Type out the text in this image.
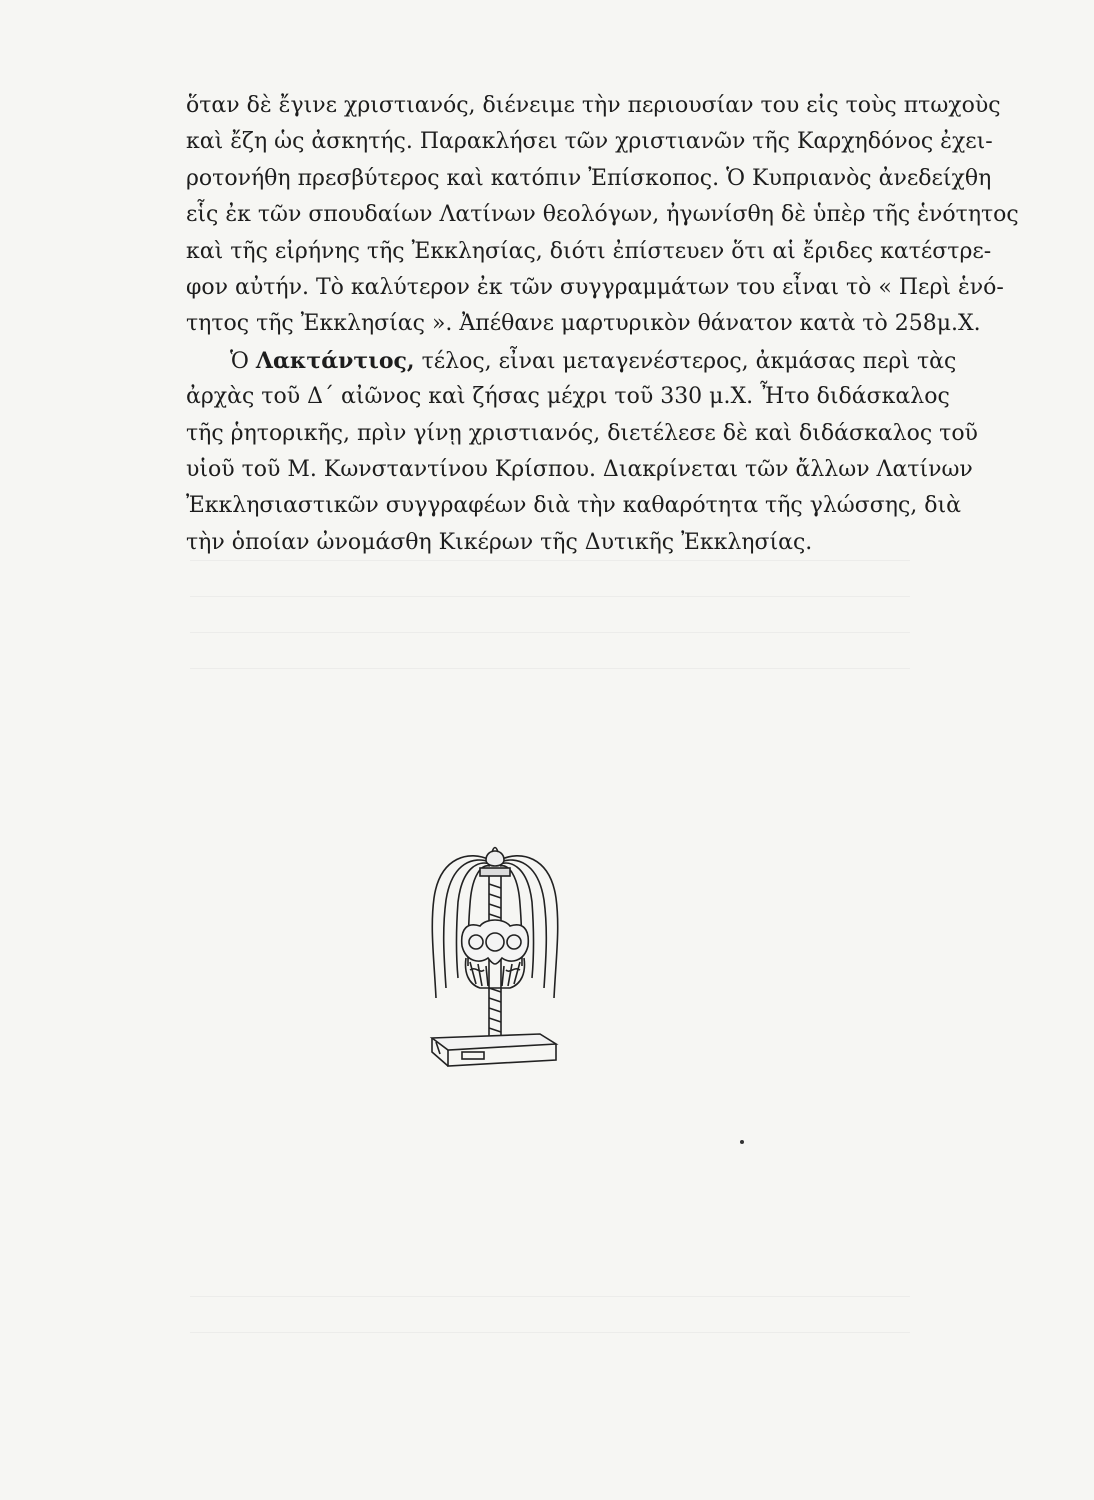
ὅταν δὲ ἔγινε χριστιανός, διένειμε τὴν περιουσίαν του εἰς τοὺς πτωχοὺς
καὶ ἔζη ὡς ἀσκητής. Παρακλήσει τῶν χριστιανῶν τῆς Καρχηδόνος ἐχει-
ροτονήθη πρεσβύτερος καὶ κατόπιν Ἐπίσκοπος. Ὁ Κυπριανὸς ἀνεδείχθη
εἷς ἐκ τῶν σπουδαίων Λατίνων θεολόγων, ἠγωνίσθη δὲ ὑπὲρ τῆς ἑνότητος
καὶ τῆς εἰρήνης τῆς Ἐκκλησίας, διότι ἐπίστευεν ὅτι αἱ ἔριδες κατέστρε-
φον αὐτήν. Τὸ καλύτερον ἐκ τῶν συγγραμμάτων του εἶναι τὸ « Περὶ ἑνό-
τητος τῆς Ἐκκλησίας ». Ἀπέθανε μαρτυρικὸν θάνατον κατὰ τὸ 258μ.Χ.
Ὁ Λακτάντιος, τέλος, εἶναι μεταγενέστερος, ἀκμάσας περὶ τὰς
ἀρχὰς τοῦ Δ΄ αἰῶνος καὶ ζήσας μέχρι τοῦ 330 μ.Χ. Ἦτο διδάσκαλος
τῆς ῥητορικῆς, πρὶν γίνῃ χριστιανός, διετέλεσε δὲ καὶ διδάσκαλος τοῦ
υἱοῦ τοῦ Μ. Κωνσταντίνου Κρίσπου. Διακρίνεται τῶν ἄλλων Λατίνων
Ἐκκλησιαστικῶν συγγραφέων διὰ τὴν καθαρότητα τῆς γλώσσης, διὰ
τὴν ὁποίαν ὠνομάσθη Κικέρων τῆς Δυτικῆς Ἐκκλησίας.
